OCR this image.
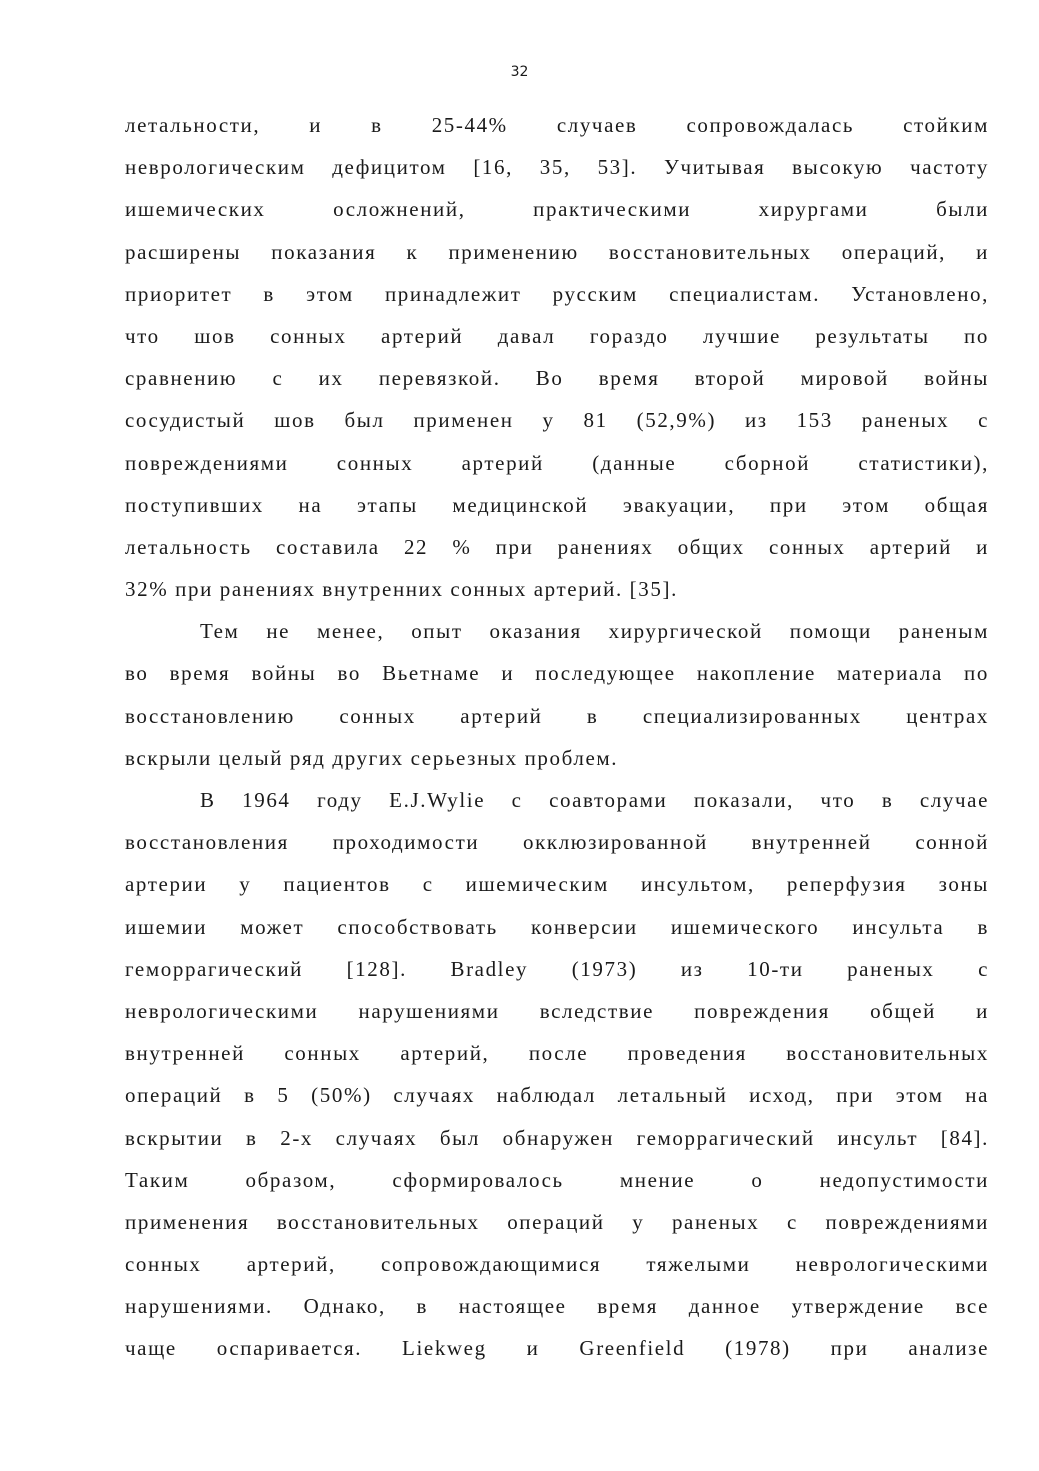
32

летальности, и в 25-44% случаев сопровождалась стойким
неврологическим дефицитом [16, 35, 53]. Учитывая высокую частоту
ишемических осложнений, практическими хирургами были
расширены показания к применению восстановительных операций, и
приоритет в этом принадлежит русским специалистам. Установлено,
что шов сонных артерий давал гораздо лучшие результаты по
сравнению с их перевязкой. Во время второй мировой войны
сосудистый шов был применен у 81 (52,9%) из 153 раненых с
повреждениями сонных артерий (данные сборной статистики),
поступивших на этапы медицинской эвакуации, при этом общая
летальность составила 22 % при ранениях общих сонных артерий и
32% при ранениях внутренних сонных артерий. [35].
Тем не менее, опыт оказания хирургической помощи раненым
во время войны во Вьетнаме и последующее накопление материала по
восстановлению сонных артерий в специализированных центрах
вскрыли целый ряд других серьезных проблем.
В 1964 году E.J.Wylie с соавторами показали, что в случае
восстановления проходимости окклюзированной внутренней сонной
артерии у пациентов с ишемическим инсультом, реперфузия зоны
ишемии может способствовать конверсии ишемического инсульта в
геморрагический [128]. Bradley (1973) из 10-ти раненых с
неврологическими нарушениями вследствие повреждения общей и
внутренней сонных артерий, после проведения восстановительных
операций в 5 (50%) случаях наблюдал летальный исход, при этом на
вскрытии в 2-х случаях был обнаружен геморрагический инсульт [84].
Таким образом, сформировалось мнение о недопустимости
применения восстановительных операций у раненых с повреждениями
сонных артерий, сопровождающимися тяжелыми неврологическими
нарушениями. Однако, в настоящее время данное утверждение все
чаще оспаривается. Liekweg и Greenfield (1978) при анализе
